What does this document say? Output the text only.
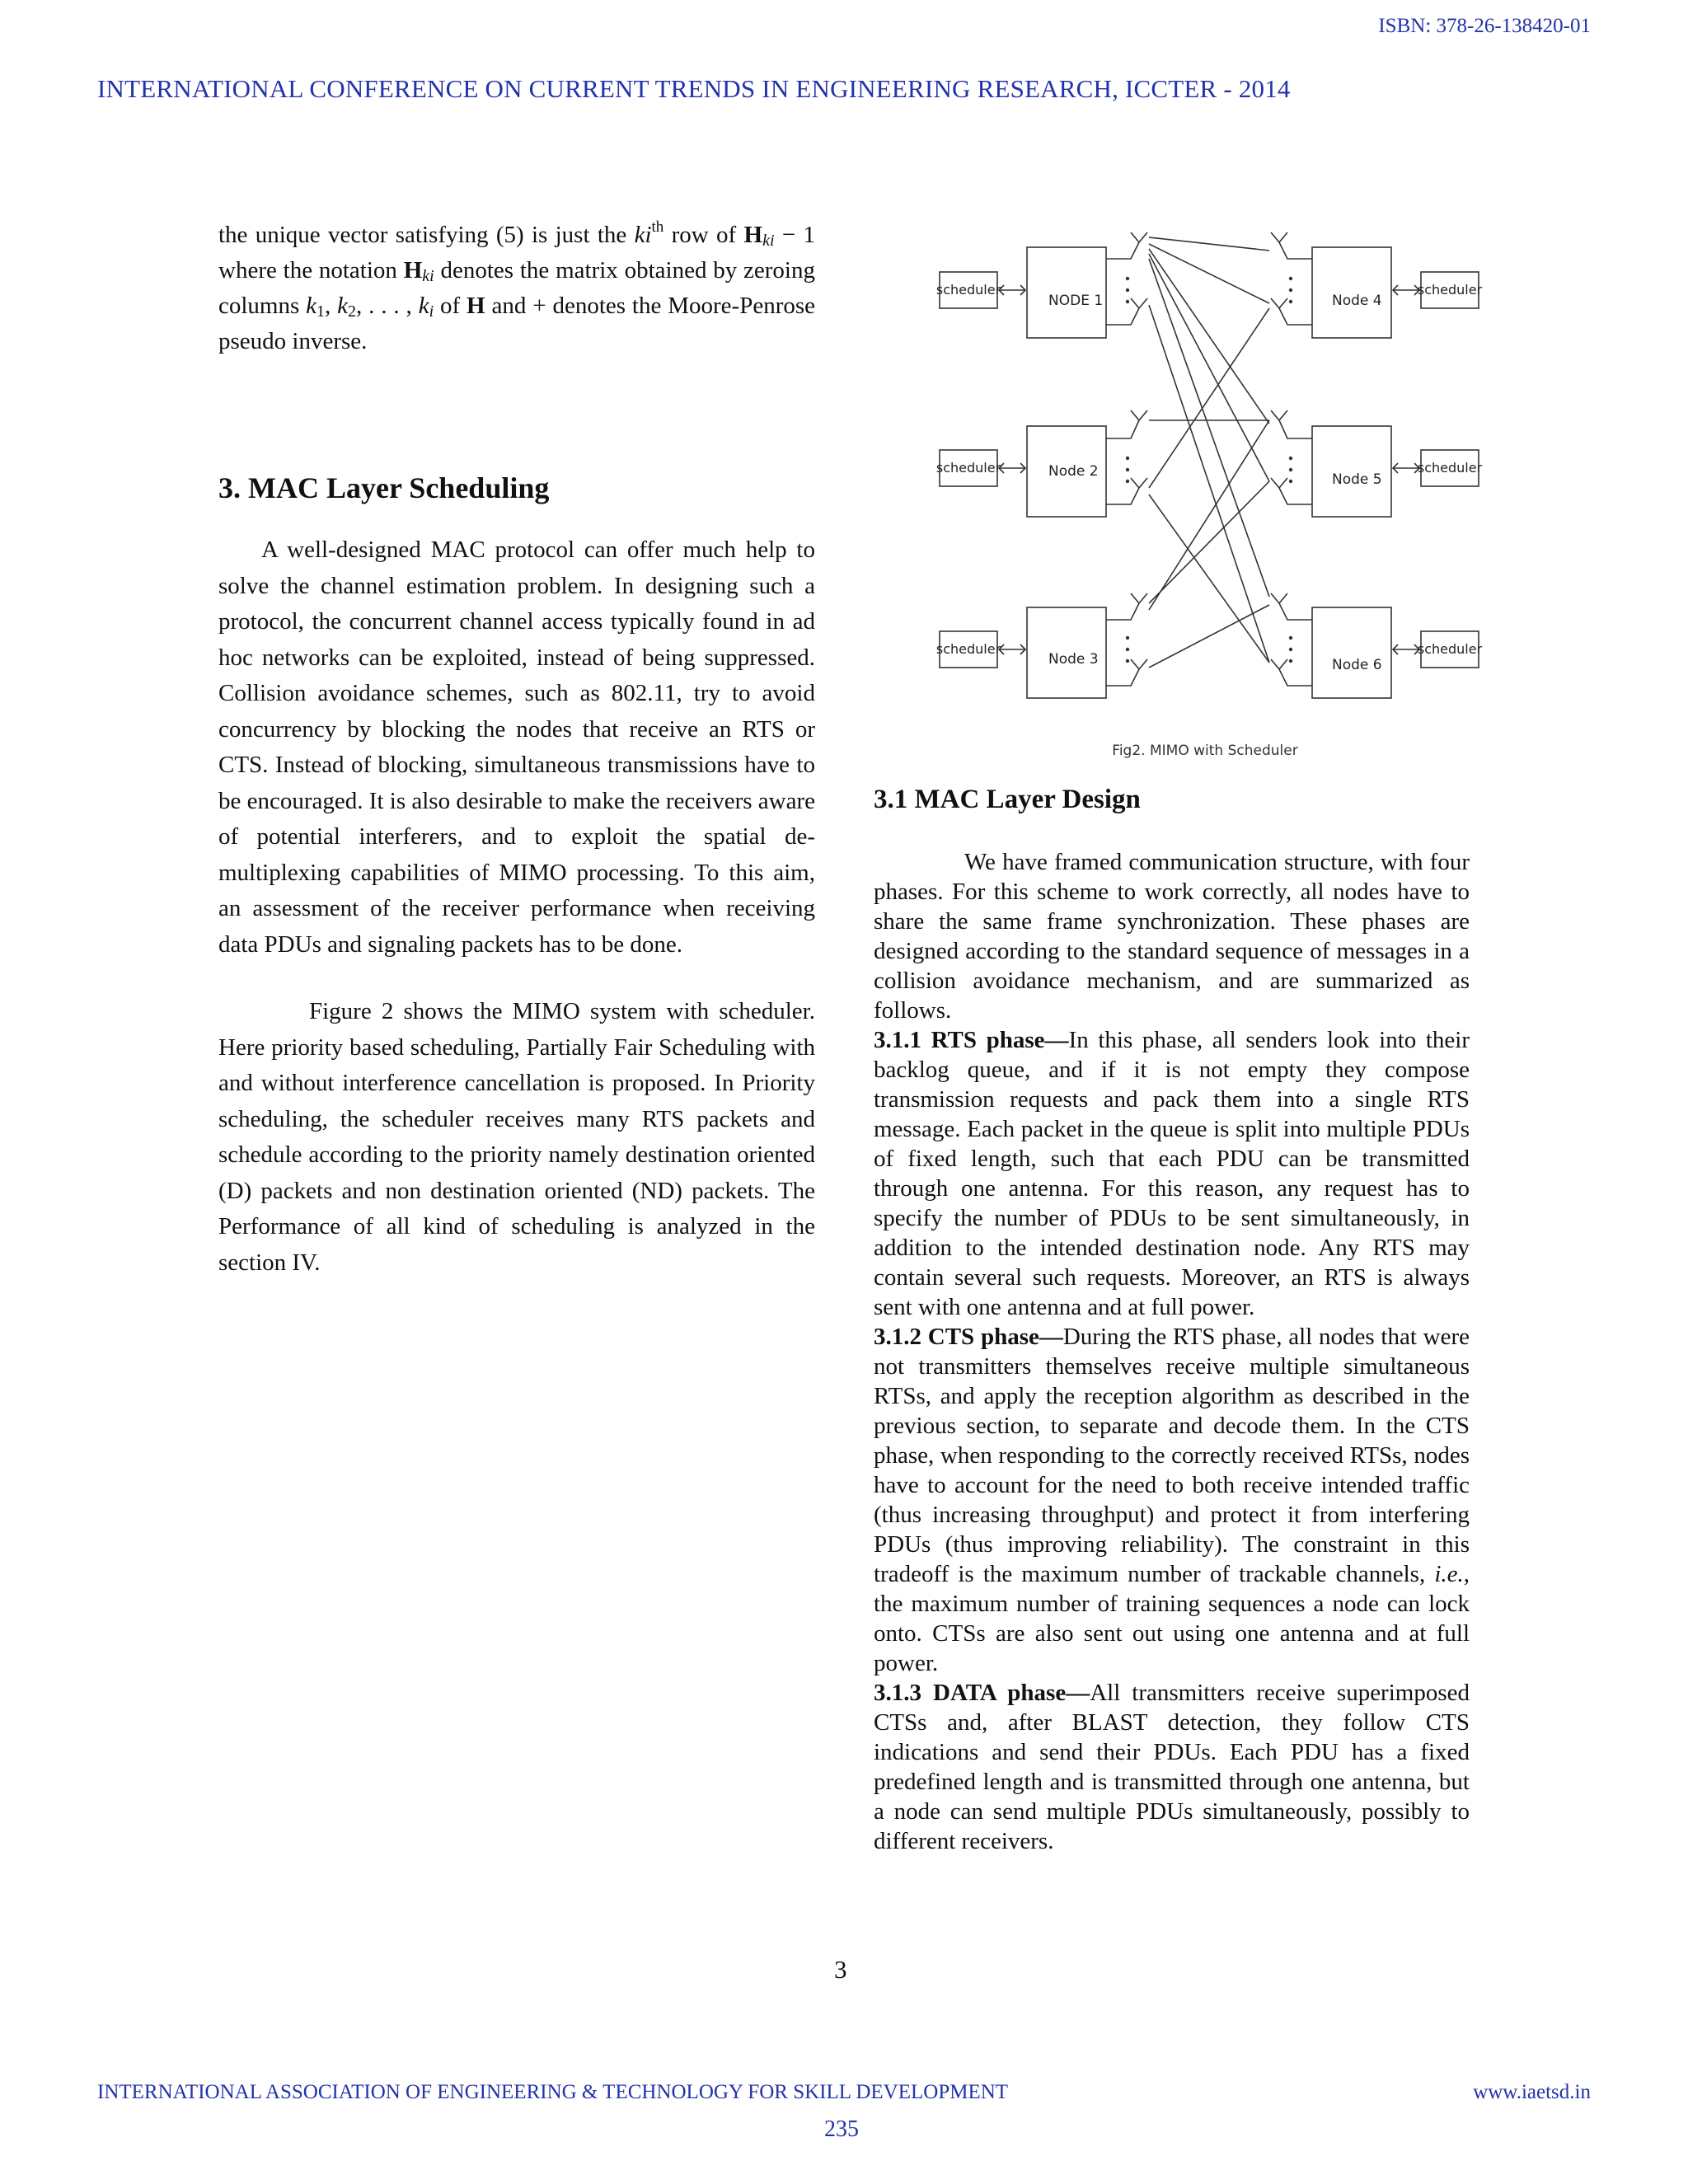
ISBN: 378-26-138420-01
INTERNATIONAL CONFERENCE ON CURRENT TRENDS IN ENGINEERING RESEARCH, ICCTER - 2014

the unique vector satisfying (5) is just the $ki^{th}$ row of $H_{ki} - 1$ where the notation $H_{ki}$ denotes the matrix obtained by zeroing columns $k_1$, $k_2$, . . . , $k_i$ of H and + denotes the Moore-Penrose pseudo inverse.

3. MAC Layer Scheduling

A well-designed MAC protocol can offer much help to solve the channel estimation problem. In designing such a protocol, the concurrent channel access typically found in ad hoc networks can be exploited, instead of being suppressed. Collision avoidance schemes, such as 802.11, try to avoid concurrency by blocking the nodes that receive an RTS or CTS. Instead of blocking, simultaneous transmissions have to be encouraged. It is also desirable to make the receivers aware of potential interferers, and to exploit the spatial de-multiplexing capabilities of MIMO processing. To this aim, an assessment of the receiver performance when receiving data PDUs and signaling packets has to be done.

Figure 2 shows the MIMO system with scheduler. Here priority based scheduling, Partially Fair Scheduling with and without interference cancellation is proposed. In Priority scheduling, the scheduler receives many RTS packets and schedule according to the priority namely destination oriented (D) packets and non destination oriented (ND) packets. The Performance of all kind of scheduling is analyzed in the section IV.

scheduler
scheduler
scheduler
scheduler
scheduler
scheduler
NODE 1
Node 2
Node 3
Node 4
Node 5
Node 6
Fig2. MIMO with Scheduler
3.1 MAC Layer Design

We have framed communication structure, with four phases. For this scheme to work correctly, all nodes have to share the same frame synchronization. These phases are designed according to the standard sequence of messages in a collision avoidance mechanism, and are summarized as follows.

3.1.1 RTS phase—In this phase, all senders look into their backlog queue, and if it is not empty they compose transmission requests and pack them into a single RTS message. Each packet in the queue is split into multiple PDUs of fixed length, such that each PDU can be transmitted through one antenna. For this reason, any request has to specify the number of PDUs to be sent simultaneously, in addition to the intended destination node. Any RTS may contain several such requests. Moreover, an RTS is always sent with one antenna and at full power.

3.1.2 CTS phase—During the RTS phase, all nodes that were not transmitters themselves receive multiple simultaneous RTSs, and apply the reception algorithm as described in the previous section, to separate and decode them. In the CTS phase, when responding to the correctly received RTSs, nodes have to account for the need to both receive intended traffic (thus increasing throughput) and protect it from interfering PDUs (thus improving reliability). The constraint in this tradeoff is the maximum number of trackable channels, i.e., the maximum number of training sequences a node can lock onto. CTSs are also sent out using one antenna and at full power.

3.1.3 DATA phase—All transmitters receive superimposed CTSs and, after BLAST detection, they follow CTS indications and send their PDUs. Each PDU has a fixed predefined length and is transmitted through one antenna, but a node can send multiple PDUs simultaneously, possibly to different receivers.

3
INTERNATIONAL ASSOCIATION OF ENGINEERING & TECHNOLOGY FOR SKILL DEVELOPMENT	www.iaetsd.in
235
